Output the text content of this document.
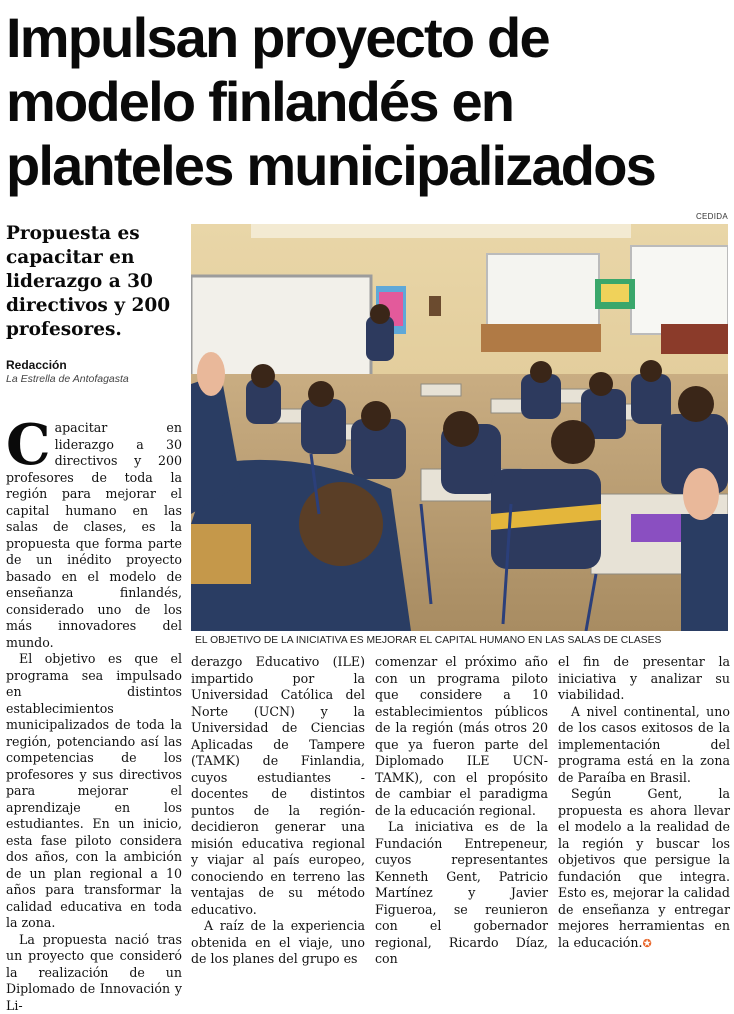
Impulsan proyecto de
modelo finlandés en
planteles municipalizados
CEDIDA
Propuesta es capacitar en liderazgo a 30 directivos y 200 profesores.
Redacción
La Estrella de Antofagasta
EL OBJETIVO DE LA INICIATIVA ES MEJORAR EL CAPITAL HUMANO EN LAS SALAS DE CLASES

Capacitar en liderazgo a 30 directivos y 200 profesores de toda la región para mejorar el capital humano en las salas de clases, es la propuesta que forma parte de un inédito proyecto basado en el modelo de enseñanza finlandés, considerado uno de los más innovadores del mundo.

El objetivo es que el programa sea impulsado en distintos establecimientos municipalizados de toda la región, potenciando así las competencias de los profesores y sus directivos para mejorar el aprendizaje en los estudiantes. En un inicio, esta fase piloto considera dos años, con la ambición de un plan regional a 10 años para transformar la calidad educativa en toda la zona.

La propuesta nació tras un proyecto que consideró la realización de un Diplomado de Innovación y Li-

derazgo Educativo (ILE) impartido por la Universidad Católica del Norte (UCN) y la Universidad de Ciencias Aplicadas de Tampere (TAMK) de Finlandia, cuyos estudiantes - docentes de distintos puntos de la región- decidieron generar una misión educativa regional y viajar al país europeo, conociendo en terreno las ventajas de su método educativo.

A raíz de la experiencia obtenida en el viaje, uno de los planes del grupo es

comenzar el próximo año con un programa piloto que considere a 10 establecimientos públicos de la región (más otros 20 que ya fueron parte del Diplomado ILE UCN-TAMK), con el propósito de cambiar el paradigma de la educación regional.

La iniciativa es de la Fundación Entrepeneur, cuyos representantes Kenneth Gent, Patricio Martínez y Javier Figueroa, se reunieron con el gobernador regional, Ricardo Díaz, con

el fin de presentar la iniciativa y analizar su viabilidad.

A nivel continental, uno de los casos exitosos de la implementación del programa está en la zona de Paraíba en Brasil.

Según Gent, la propuesta es ahora llevar el modelo a la realidad de la región y buscar los objetivos que persigue la fundación que integra. Esto es, mejorar la calidad de enseñanza y entregar mejores herramientas en la educación.✪
